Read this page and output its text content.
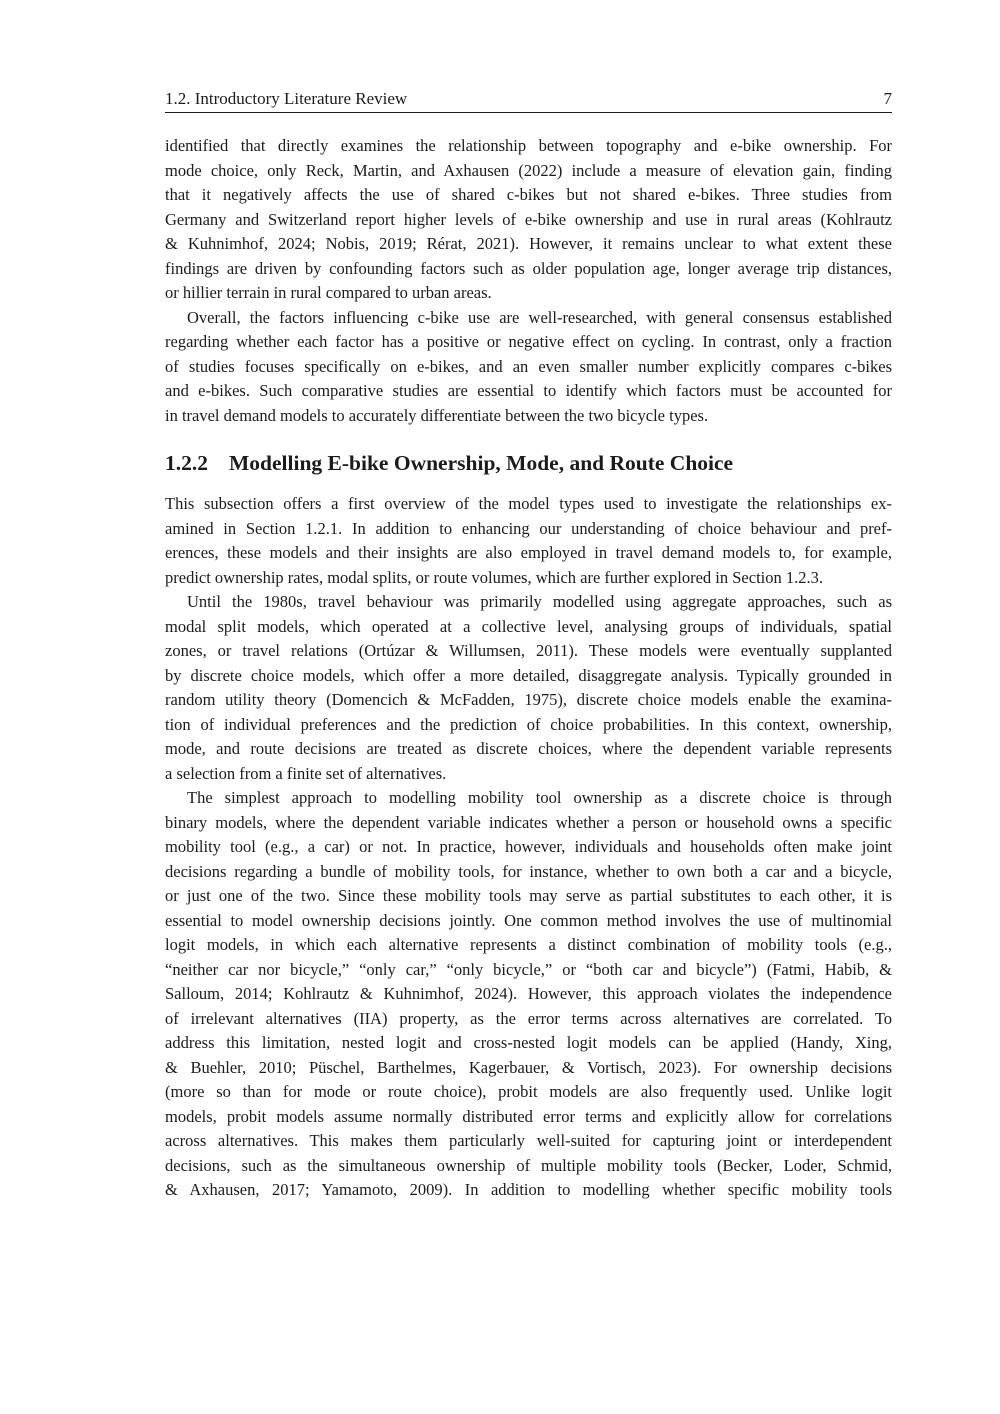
1.2. Introductory Literature Review	7
identified that directly examines the relationship between topography and e-bike ownership. For
mode choice, only Reck, Martin, and Axhausen (2022) include a measure of elevation gain, finding
that it negatively affects the use of shared c-bikes but not shared e-bikes. Three studies from
Germany and Switzerland report higher levels of e-bike ownership and use in rural areas (Kohlrautz
& Kuhnimhof, 2024; Nobis, 2019; Rérat, 2021). However, it remains unclear to what extent these
findings are driven by confounding factors such as older population age, longer average trip distances,
or hillier terrain in rural compared to urban areas.
Overall, the factors influencing c-bike use are well-researched, with general consensus established
regarding whether each factor has a positive or negative effect on cycling. In contrast, only a fraction
of studies focuses specifically on e-bikes, and an even smaller number explicitly compares c-bikes
and e-bikes. Such comparative studies are essential to identify which factors must be accounted for
in travel demand models to accurately differentiate between the two bicycle types.
1.2.2 Modelling E-bike Ownership, Mode, and Route Choice
This subsection offers a first overview of the model types used to investigate the relationships ex-
amined in Section 1.2.1. In addition to enhancing our understanding of choice behaviour and pref-
erences, these models and their insights are also employed in travel demand models to, for example,
predict ownership rates, modal splits, or route volumes, which are further explored in Section 1.2.3.
Until the 1980s, travel behaviour was primarily modelled using aggregate approaches, such as
modal split models, which operated at a collective level, analysing groups of individuals, spatial
zones, or travel relations (Ortúzar & Willumsen, 2011). These models were eventually supplanted
by discrete choice models, which offer a more detailed, disaggregate analysis. Typically grounded in
random utility theory (Domencich & McFadden, 1975), discrete choice models enable the examina-
tion of individual preferences and the prediction of choice probabilities. In this context, ownership,
mode, and route decisions are treated as discrete choices, where the dependent variable represents
a selection from a finite set of alternatives.
The simplest approach to modelling mobility tool ownership as a discrete choice is through
binary models, where the dependent variable indicates whether a person or household owns a specific
mobility tool (e.g., a car) or not. In practice, however, individuals and households often make joint
decisions regarding a bundle of mobility tools, for instance, whether to own both a car and a bicycle,
or just one of the two. Since these mobility tools may serve as partial substitutes to each other, it is
essential to model ownership decisions jointly. One common method involves the use of multinomial
logit models, in which each alternative represents a distinct combination of mobility tools (e.g.,
“neither car nor bicycle,” “only car,” “only bicycle,” or “both car and bicycle”) (Fatmi, Habib, &
Salloum, 2014; Kohlrautz & Kuhnimhof, 2024). However, this approach violates the independence
of irrelevant alternatives (IIA) property, as the error terms across alternatives are correlated. To
address this limitation, nested logit and cross-nested logit models can be applied (Handy, Xing,
& Buehler, 2010; Püschel, Barthelmes, Kagerbauer, & Vortisch, 2023). For ownership decisions
(more so than for mode or route choice), probit models are also frequently used. Unlike logit
models, probit models assume normally distributed error terms and explicitly allow for correlations
across alternatives. This makes them particularly well-suited for capturing joint or interdependent
decisions, such as the simultaneous ownership of multiple mobility tools (Becker, Loder, Schmid,
& Axhausen, 2017; Yamamoto, 2009). In addition to modelling whether specific mobility tools
